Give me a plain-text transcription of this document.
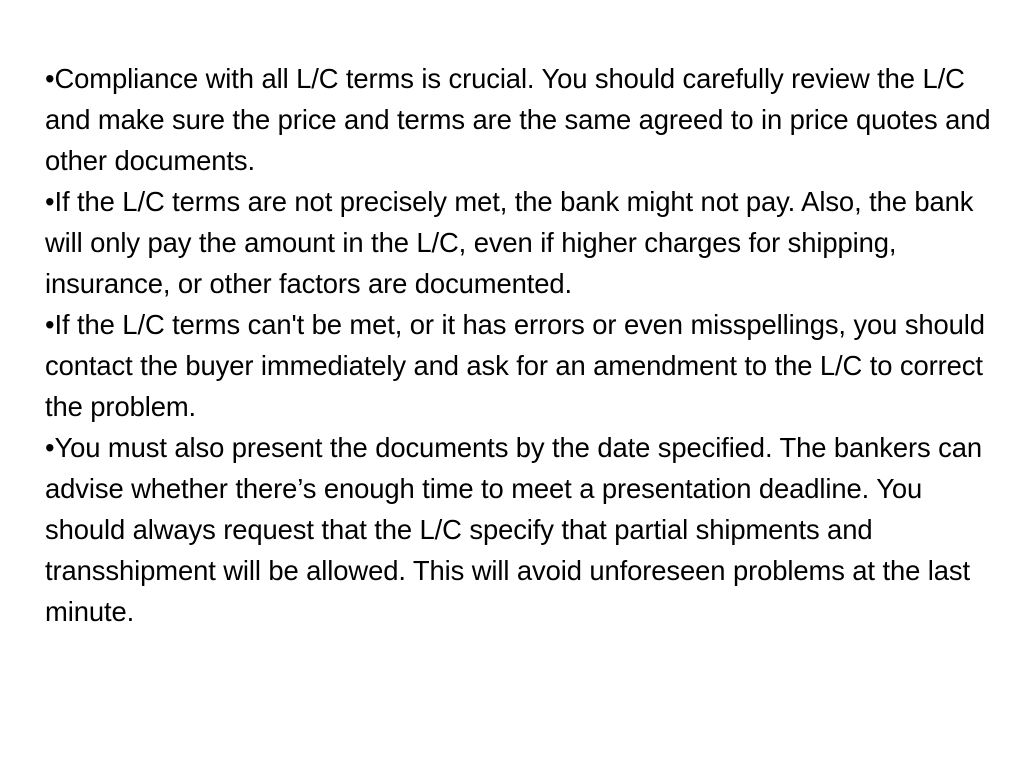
•Compliance with all L/C terms is crucial. You should carefully review the L/C and make sure the price and terms are the same agreed to in price quotes and other documents.

•If the L/C terms are not precisely met, the bank might not pay. Also, the bank will only pay the amount in the L/C, even if higher charges for shipping, insurance, or other factors are documented.

•If the L/C terms can't be met, or it has errors or even misspellings, you should contact the buyer immediately and ask for an amendment to the L/C to correct the problem.

•You must also present the documents by the date specified. The bankers can advise whether there’s enough time to meet a presentation deadline. You should always request that the L/C specify that partial shipments and transshipment will be allowed. This will avoid unforeseen problems at the last minute.
